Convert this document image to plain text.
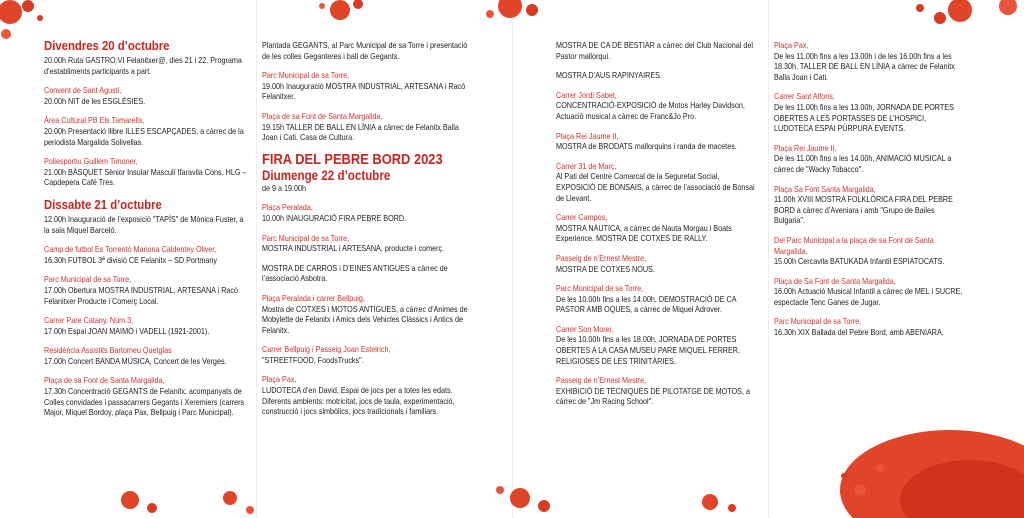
Divendres 20 d’octubre
20.00h Ruta GASTRO.VI Felanitxer@, dies 21 i 22. Programa d’establiments participants a part.
Convent de Sant Agustí,
20.00h NIT de les ESGLÉSIES.
Àrea Cultural PB Els Tamarells,
20.00h Presentació llibre ILLES ESCAPÇADES, a càrrec de la periodista Margalida Solivellas.
Poliesportiu Guillem Timoner,
21.00h BÀSQUET Sènior Insular Masculí Ifaravila Cons. HLG – Capdepera Café Tres.
Dissabte 21 d’octubre
12.00h Inauguració de l’exposició "TAPÍS" de Mònica Fuster, a la sala Miquel Barceló.
Camp de futbol Es Torrentó Mariona Caldentey Oliver,
16.30h FUTBOL 3ª divisió CE Felanitx – SD Portmany
Parc Municipal de sa Torre,
17.00h Obertura MOSTRA INDUSTRIAL, ARTESANA i Racó Felanitxer Producte i Comerç Local.
Carrer Pare Catany, Núm.3,
17.00h Espai JOAN MAIMÓ i VADELL (1921-2001).
Residència Assistits Bartomeu Quetglas
17.00h Concert BANDA MÚSICA, Concert de les Verges.
Plaça de sa Font de Santa Margalida,
17.30h Concentració GEGANTS de Felanitx, acompanyats de Colles convidades i passacarrers Gegants i Xeremiers (carrers Major, Miquel Bordoy, plaça Pax, Bellpuig i Parc Municipal).
Plantada GEGANTS, al Parc Municipal de sa Torre i presentació de les colles Geganteres i ball de Gegants.
Parc Municipal de sa Torre,
19.00h Inauguració MOSTRA INDUSTRIAL, ARTESANA i Racó Felanitxer.
Plaça de sa Font de Santa Margalida,
19.15h TALLER DE BALL EN LÍNIA a càrrec de Felanitx Balla Joan i Cati. Casa de Cultura.
FIRA DEL PEBRE BORD 2023
Diumenge 22 d’octubre
de 9 a 19.00h
Plaça Peralada,
10.00h INAUGURACIÓ FIRA PEBRE BORD.
Parc Municipal de sa Torre,
MOSTRA INDUSTRIAL i ARTESANA, producte i comerç.
MOSTRA DE CARROS i D’EINES ANTIGUES a càrrec de l’associació Asbotra.
Plaça Peralada i carrer Bellpuig,
Mostra de COTXES i MOTOS ANTIGUES, a càrrec d’Animes de Mobylette de Felanitx i Amics dels Vehicles Clàssics i Antics de Felanitx.
Carrer Bellpuig i Passeig Joan Estelrich,
"STREETFOOD, FoodsTrucks".
Plaça Pax,
LUDOTECA d’en David, Espai de jocs per a totes les edats. Diferents ambients: motricitat, jocs de taula, experimentació, construcció i jocs simbòlics, jocs tradicionals i familiars.
MOSTRA DE CA DE BESTIAR a càrrec del Club Nacional del Pastor mallorquí.
MOSTRA D’AUS RAPINYAIRES.
Carrer Jordi Sabet,
CONCENTRACIÓ-EXPOSICIÓ de Motos Harley Davidson, Actuació musical a càrrec de Franc&Jo Pro.
Plaça Rei Jaume II,
MOSTRA de BRODATS mallorquins i randa de macetes.
Carrer 31 de Març,
Al Pati del Centre Comarcal de la Seguretat Social, EXPOSICIÓ DE BONSAIS, a càrrec de l’associació de Bonsai de Llevant.
Carrer Campos,
MOSTRA NÀUTICA, a càrrec de Nauta Morgau i Boats Experience. MOSTRA DE COTXES DE RALLY.
Passeig de n’Ernest Mestre,
MOSTRA DE COTXES NOUS.
Parc Municipal de sa Torre,
De les 10.00h fins a les 14.00h, DEMOSTRACIÓ DE CA PASTOR AMB OQUES, a càrrec de Miquel Adrover.
Carrer Son Morei,
De les 10.00h fins a les 18.00h, JORNADA DE PORTES OBERTES A LA CASA MUSEU PARE MIQUEL FERRER, RELIGIOSES DE LES TRINITÀRIES.
Passeig de n’Ernest Mestre,
EXHIBICIÓ DE TÈCNIQUES DE PILOTATGE DE MOTOS, a càrrec de "Jm Racing School".
Plaça Pax,
De les 11.00h fins a les 13.00h i de les 16.00h fins a les 18.30h, TALLER DE BALL EN LÍNIA a càrrec de Felanitx Balla Joan i Cati.
Carrer Sant Alfons,
De les 11.00h fins a les 13.00h, JORNADA DE PORTES OBERTES A LES PORTASSES DE L’HOSPICI, LUDOTECA ESPAI PÚRPURA EVENTS.
Plaça Rei Jaume II,
De les 11.00h fins a les 14.00h, ANIMACIÓ MUSICAL a càrrec de "Wacky Tobacco".
Plaça Sa Font Santa Margalida,
11.00h XVIII MOSTRA FOLKLÒRICA FIRA DEL PEBRE BORD a càrrec d’Aveniara i amb "Grupo de Bailes Bulgaria".
Del Parc Municipal a la plaça de sa Font de Santa Margalida,
15.00h Cercavila BATUKADA Infantil ESPIATOCATS.
Plaça de Sa Font de Santa Margalida,
16.00h Actuació Musical Infantil a càrrec de MEL i SUCRE, espectacle Tenc Ganes de Jugar.
Parc Municipal de sa Torre,
16.30h XIX Ballada del Pebre Bord, amb ABENIARA.
